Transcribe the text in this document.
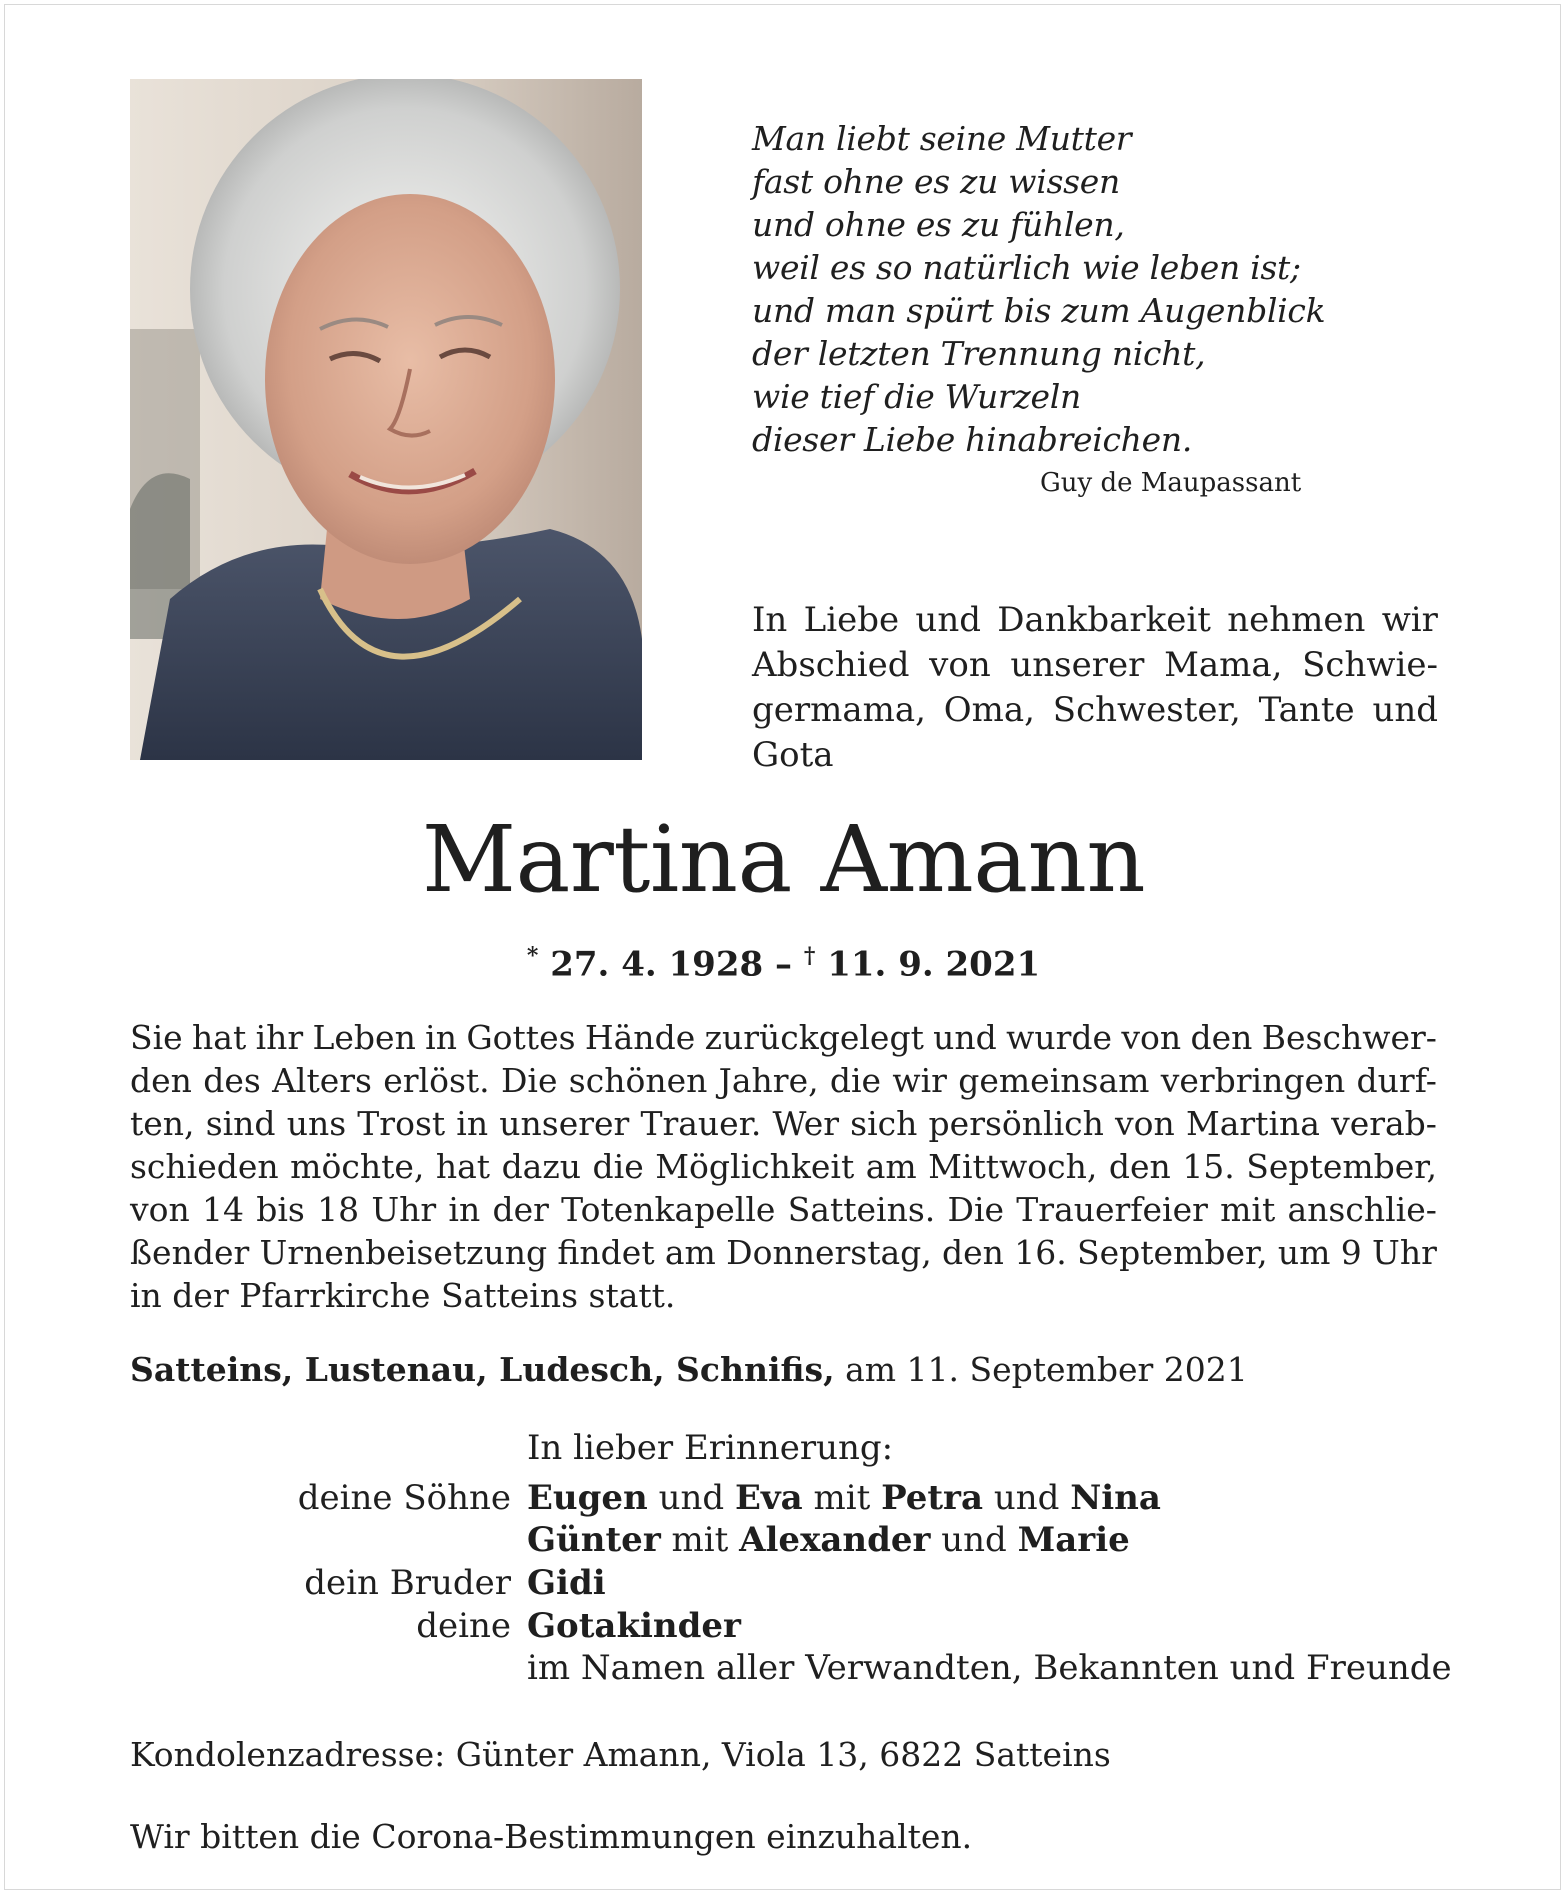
Man liebt seine Mutter
fast ohne es zu wissen
und ohne es zu fühlen,
weil es so natürlich wie leben ist;
und man spürt bis zum Augenblick
der letzten Trennung nicht,
wie tief die Wurzeln
dieser Liebe hinabreichen.
Guy de Maupassant
In Liebe und Dankbarkeit nehmen wir
Abschied von unserer Mama, Schwie-
germama, Oma, Schwester, Tante und
Gota
Martina Amann
* 27. 4. 1928 – † 11. 9. 2021
Sie hat ihr Leben in Gottes Hände zurückgelegt und wurde von den Beschwer-
den des Alters erlöst. Die schönen Jahre, die wir gemeinsam verbringen durf-
ten, sind uns Trost in unserer Trauer. Wer sich persönlich von Martina verab-
schieden möchte, hat dazu die Möglichkeit am Mittwoch, den 15. September,
von 14 bis 18 Uhr in der Totenkapelle Satteins. Die Trauerfeier mit anschlie-
ßender Urnenbeisetzung findet am Donnerstag, den 16. September, um 9 Uhr
in der Pfarrkirche Satteins statt.
Satteins, Lustenau, Ludesch, Schnifis, am 11. September 2021
In lieber Erinnerung:
deine Söhne Eugen und Eva mit Petra und Nina
Günter mit Alexander und Marie
dein Bruder Gidi
deine Gotakinder
im Namen aller Verwandten, Bekannten und Freunde
Kondolenzadresse: Günter Amann, Viola 13, 6822 Satteins
Wir bitten die Corona-Bestimmungen einzuhalten.
